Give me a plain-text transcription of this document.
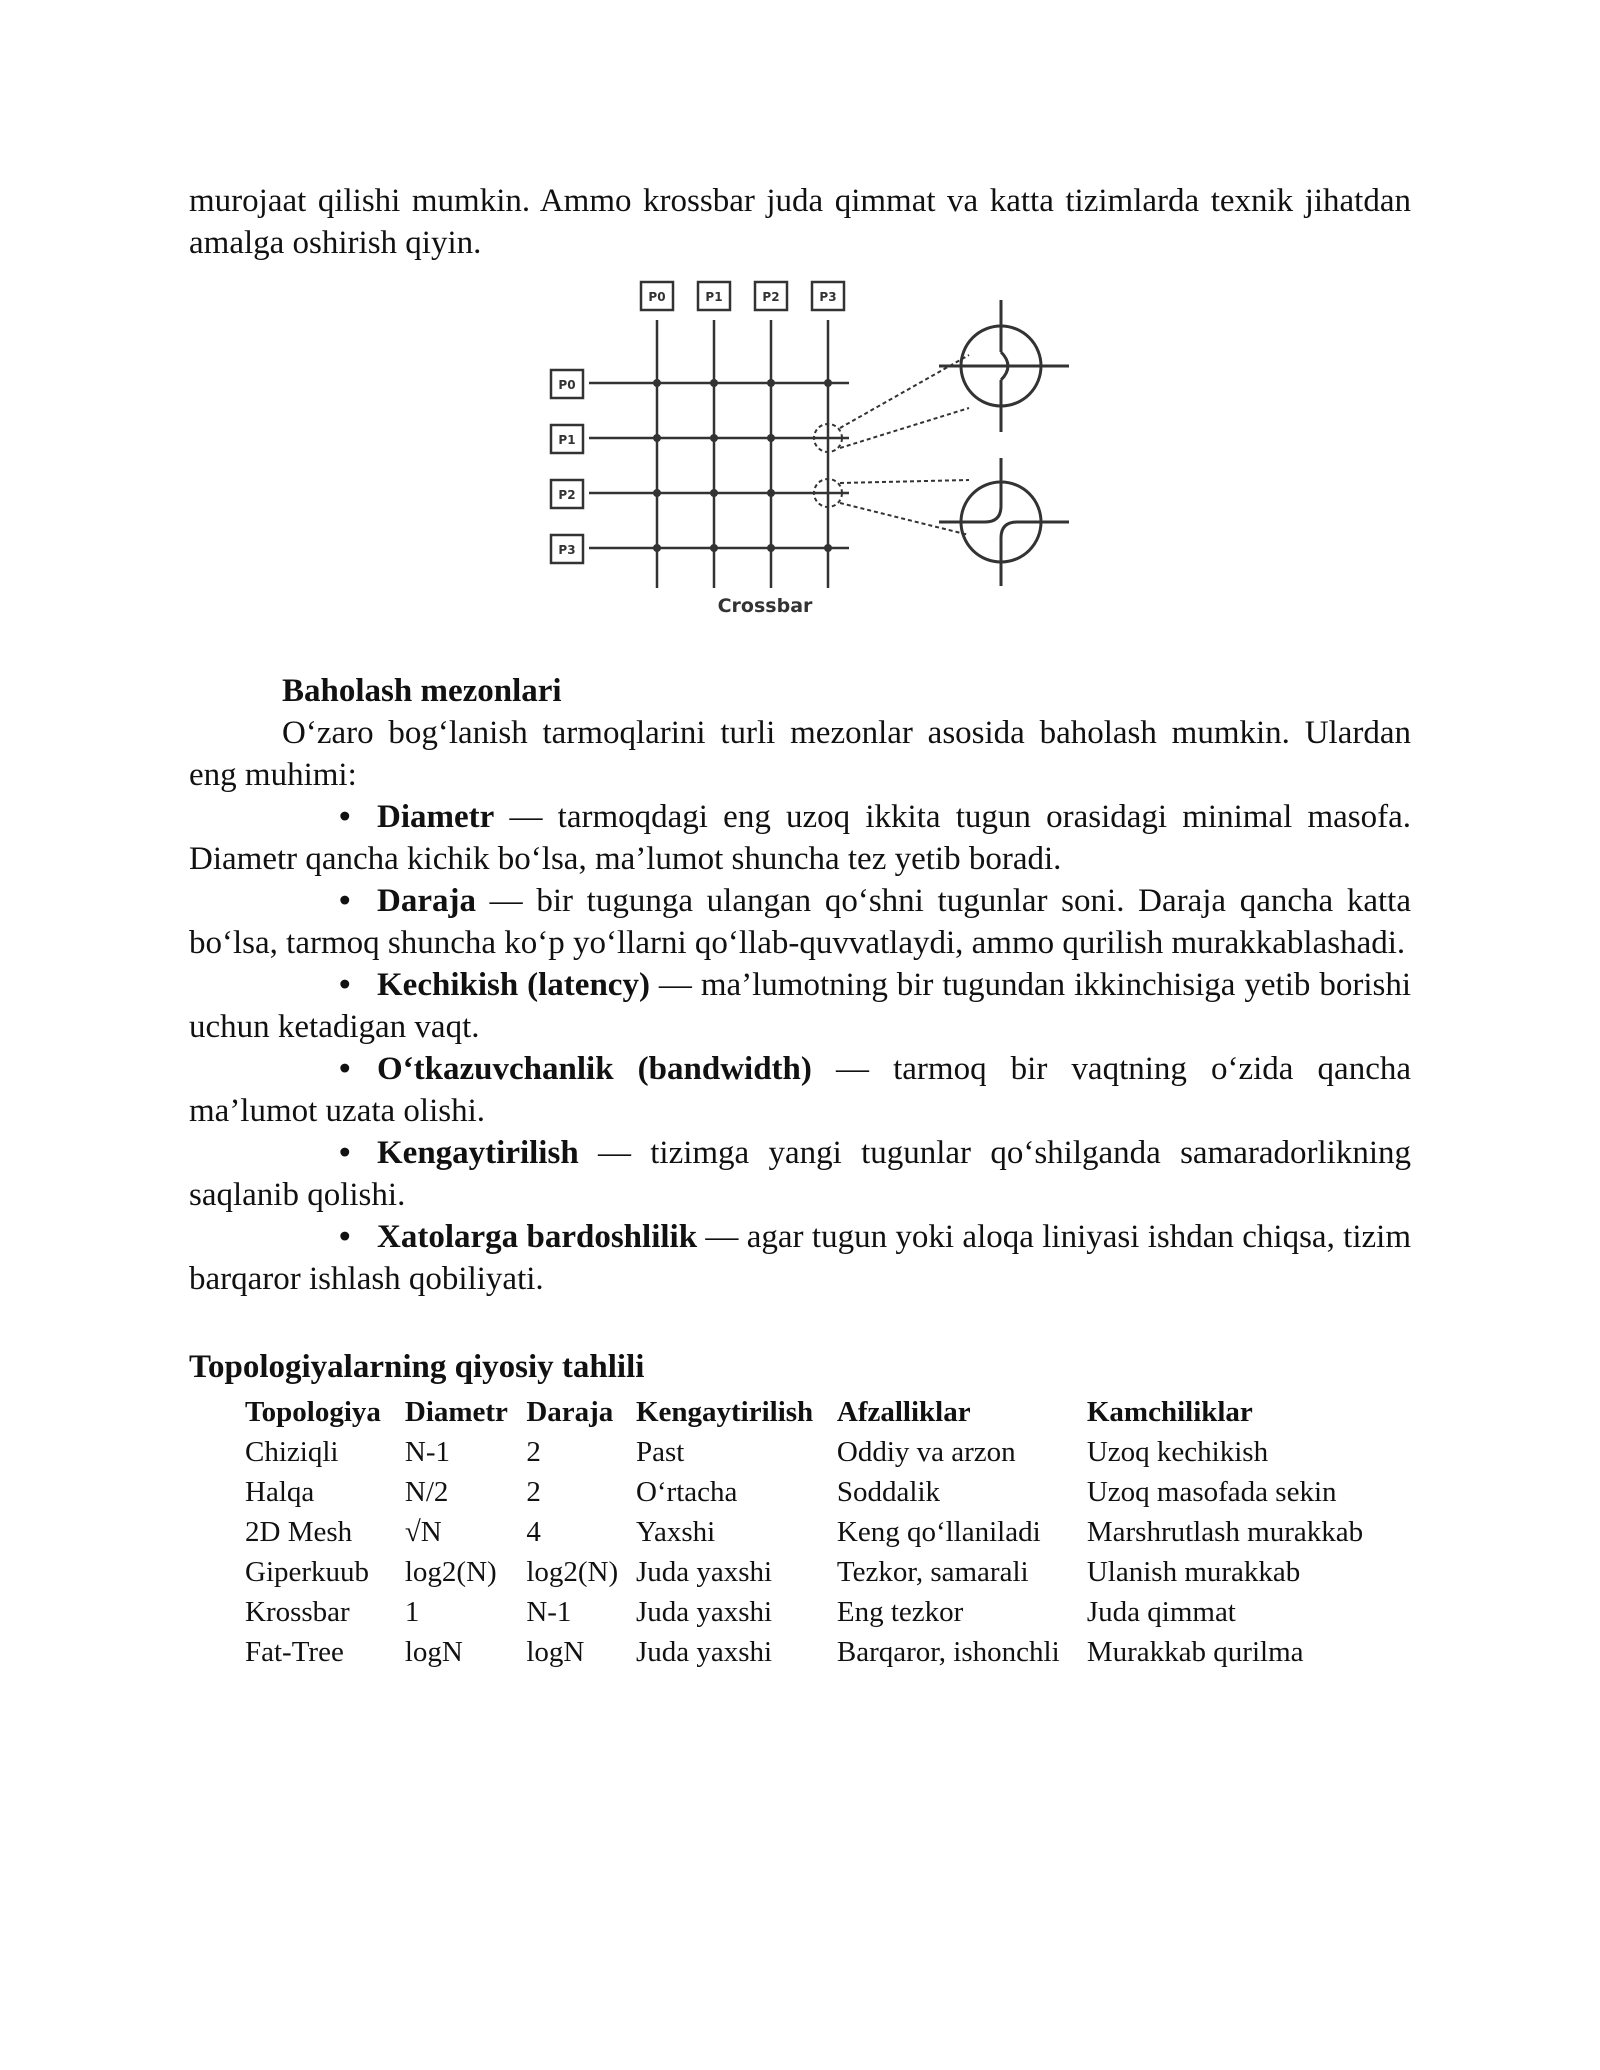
murojaat qilishi mumkin. Ammo krossbar juda qimmat va katta tizimlarda texnik jihatdan amalga oshirish qiyin.

P0	P1	P2	P3
P0
P1
P2
P3
Crossbar
Baholash mezonlari

O‘zaro bog‘lanish tarmoqlarini turli mezonlar asosida baholash mumkin. Ulardan eng muhimi:

• Diametr — tarmoqdagi eng uzoq ikkita tugun orasidagi minimal masofa. Diametr qancha kichik bo‘lsa, ma’lumot shuncha tez yetib boradi.

• Daraja — bir tugunga ulangan qo‘shni tugunlar soni. Daraja qancha katta bo‘lsa, tarmoq shuncha ko‘p yo‘llarni qo‘llab-quvvatlaydi, ammo qurilish murakkablashadi.

• Kechikish (latency) — ma’lumotning bir tugundan ikkinchisiga yetib borishi uchun ketadigan vaqt.

• O‘tkazuvchanlik (bandwidth) — tarmoq bir vaqtning o‘zida qancha ma’lumot uzata olishi.

• Kengaytirilish — tizimga yangi tugunlar qo‘shilganda samaradorlikning saqlanib qolishi.

• Xatolarga bardoshlilik — agar tugun yoki aloqa liniyasi ishdan chiqsa, tizim barqaror ishlash qobiliyati.

Topologiyalarning qiyosiy tahlili
Topologiya	Diametr	Daraja	Kengaytirilish	Afzalliklar	Kamchiliklar
Chiziqli	N-1	2	Past	Oddiy va arzon	Uzoq kechikish
Halqa	N/2	2	O‘rtacha	Soddalik	Uzoq masofada sekin
2D Mesh	√N	4	Yaxshi	Keng qo‘llaniladi	Marshrutlash murakkab
Giperkuub	log2(N)	log2(N)	Juda yaxshi	Tezkor, samarali	Ulanish murakkab
Krossbar	1	N-1	Juda yaxshi	Eng tezkor	Juda qimmat
Fat-Tree	logN	logN	Juda yaxshi	Barqaror, ishonchli	Murakkab qurilma
